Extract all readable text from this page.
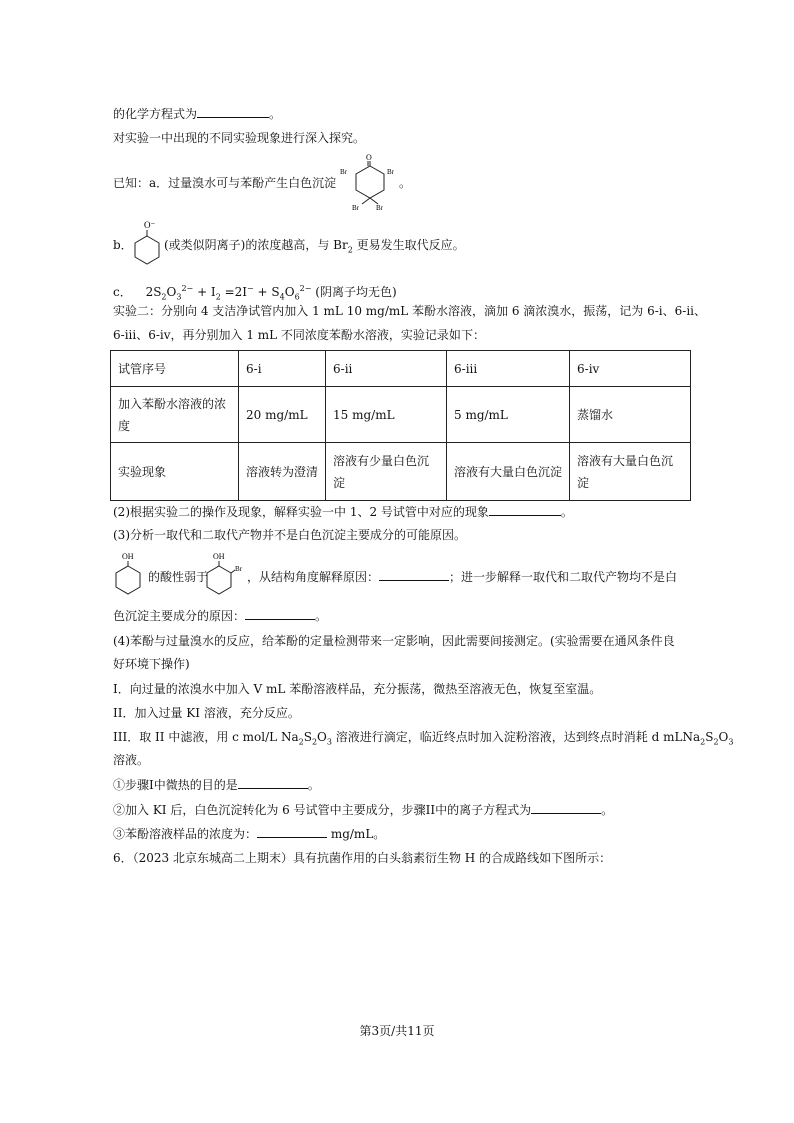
的化学方程式为	。
对实验一中出现的不同实验现象进行深入探究。
已知：a．过量溴水可与苯酚产生白色沉淀
O
Br	Br
Br Br
。
O⁻
b．	(或类似阴离子)的浓度越高，与 $Br_2$ 更易发生取代反应。
c． $2S_2O_3^{2-} + I_2 =2I^- + S_4O_6^{2-}$ (阴离子均无色)
实验二：分别向 4 支洁净试管内加入 1 mL 10 mg/mL 苯酚水溶液，滴加 6 滴浓溴水，振荡，记为 6-i、6-ii、
6-iii、6-iv，再分别加入 1 mL 不同浓度苯酚水溶液，实验记录如下：
试管序号	6-i	6-ii	6-iii	6-iv
加入苯酚水溶液的浓度	20 mg/mL	15 mg/mL	5 mg/mL	蒸馏水
实验现象	溶液转为澄清	溶液有少量白色沉淀	溶液有大量白色沉淀	溶液有大量白色沉淀
(2)根据实验二的操作及现象，解释实验一中 1、2 号试管中对应的现象	。
(3)分析一取代和二取代产物并不是白色沉淀主要成分的可能原因。
OH
的酸性弱于
OH
Br
，从结构角度解释原因：	；进一步解释一取代和二取代产物均不是白
色沉淀主要成分的原因：	。
(4)苯酚与过量溴水的反应，给苯酚的定量检测带来一定影响，因此需要间接测定。(实验需要在通风条件良
好环境下操作)
I．向过量的浓溴水中加入 V mL 苯酚溶液样品，充分振荡，微热至溶液无色，恢复至室温。
II．加入过量 KI 溶液，充分反应。
III．取 II 中滤液，用 c mol/L $Na_2S_2O_3$ 溶液进行滴定，临近终点时加入淀粉溶液，达到终点时消耗 d $mLNa_2S_2O_3$
溶液。
①步骤I中微热的目的是	。
②加入 KI 后，白色沉淀转化为 6 号试管中主要成分，步骤II中的离子方程式为	。
③苯酚溶液样品的浓度为：	mg/mL。
6．（2023 北京东城高二上期末）具有抗菌作用的白头翁素衍生物 H 的合成路线如下图所示：
第3页/共11页
